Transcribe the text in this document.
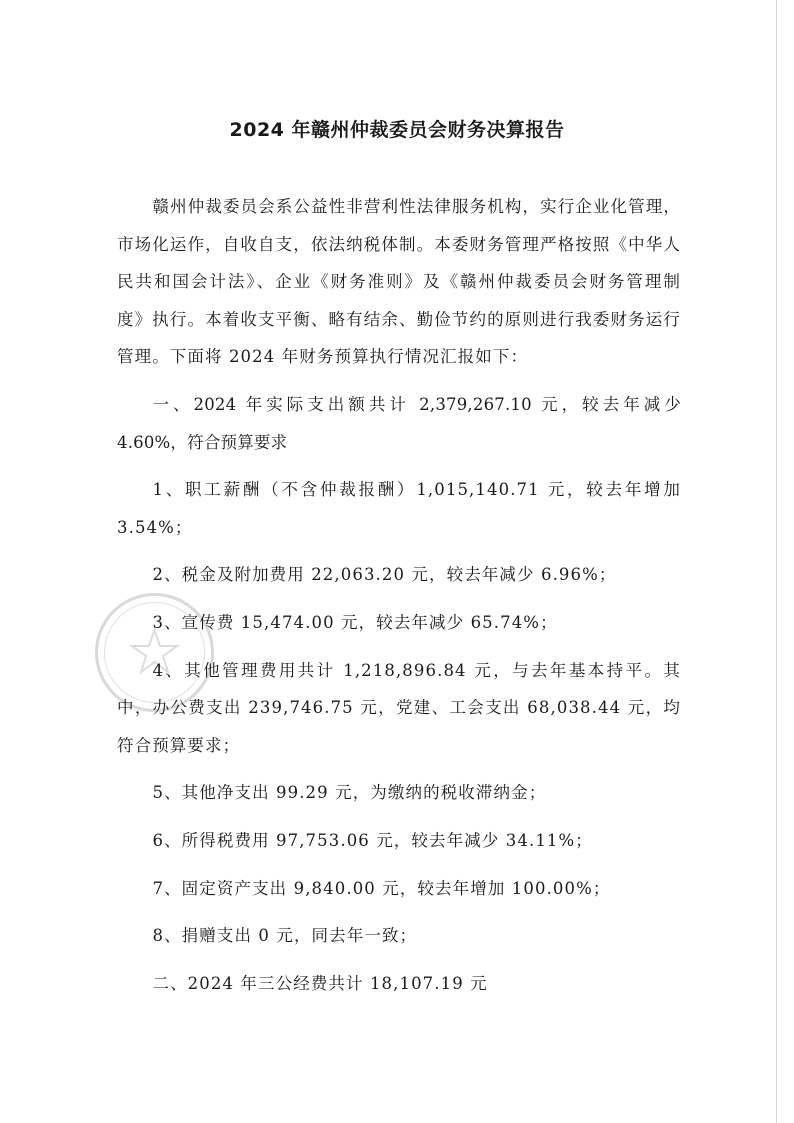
2024 年赣州仲裁委员会财务决算报告

赣州仲裁委员会系公益性非营利性法律服务机构，实行企业化管理，市场化运作，自收自支，依法纳税体制。本委财务管理严格按照《中华人民共和国会计法》、企业《财务准则》及《赣州仲裁委员会财务管理制度》执行。本着收支平衡、略有结余、勤俭节约的原则进行我委财务运行管理。下面将 2024 年财务预算执行情况汇报如下：

一、2024 年实际支出额共计 2,379,267.10 元，较去年减少 4.60%，符合预算要求

1、职工薪酬（不含仲裁报酬）1,015,140.71 元，较去年增加 3.54%；

2、税金及附加费用 22,063.20 元，较去年减少 6.96%；

3、宣传费 15,474.00 元，较去年减少 65.74%；

4、其他管理费用共计 1,218,896.84 元，与去年基本持平。其中，办公费支出 239,746.75 元，党建、工会支出 68,038.44 元，均符合预算要求；

5、其他净支出 99.29 元，为缴纳的税收滞纳金；

6、所得税费用 97,753.06 元，较去年减少 34.11%；

7、固定资产支出 9,840.00 元，较去年增加 100.00%；

8、捐赠支出 0 元，同去年一致；

二、2024 年三公经费共计 18,107.19 元
